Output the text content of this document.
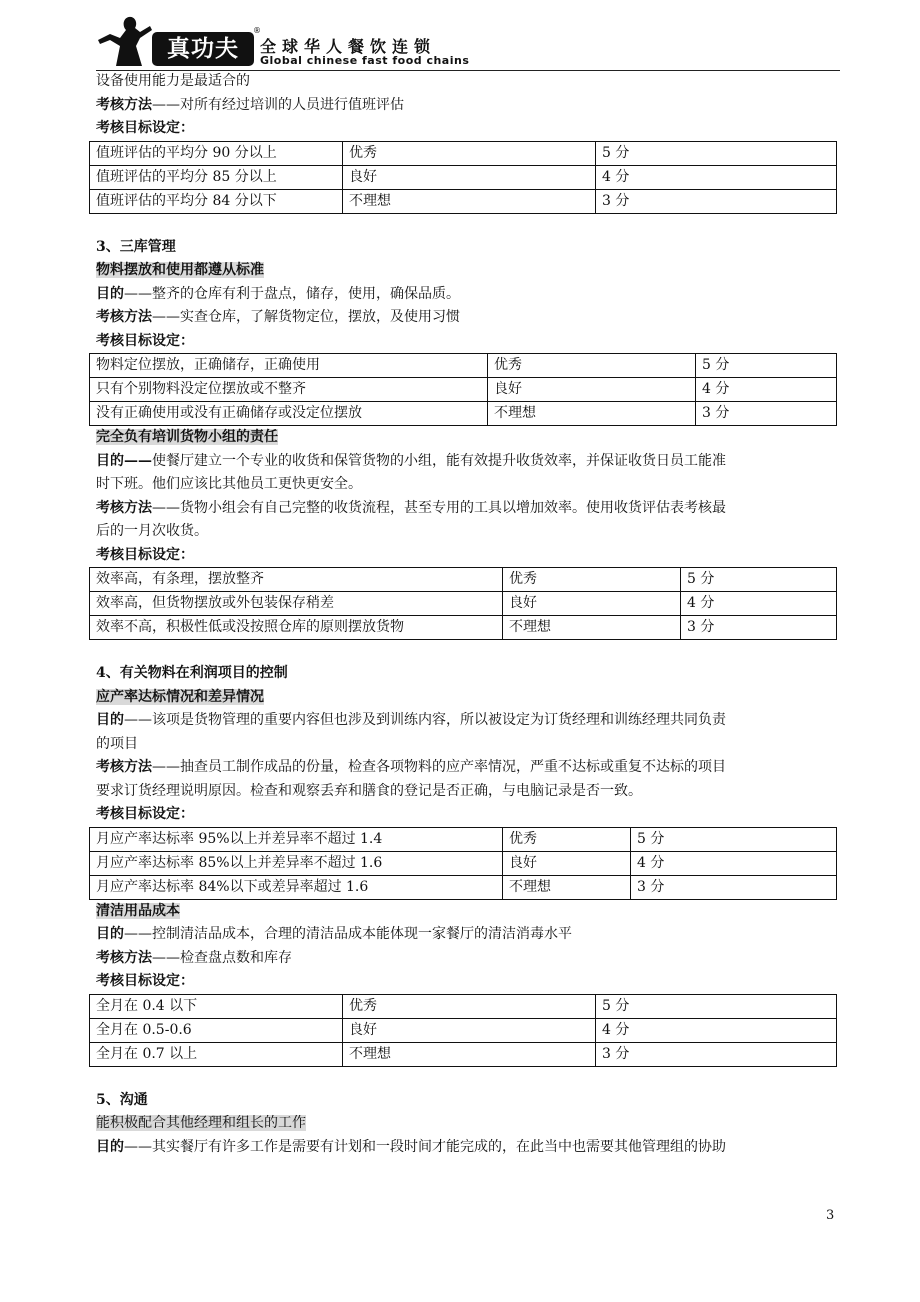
真功夫
®
全球华人餐饮连锁
Global chinese fast food chains

设备使用能力是最适合的

考核方法——对所有经过培训的人员进行值班评估

考核目标设定：

值班评估的平均分 90 分以上	优秀	5 分
值班评估的平均分 85 分以上	良好	4 分
值班评估的平均分 84 分以下	不理想	3 分
3、三库管理
物料摆放和使用都遵从标准

目的——整齐的仓库有利于盘点，储存，使用，确保品质。

考核方法——实查仓库，了解货物定位，摆放，及使用习惯

考核目标设定：

物料定位摆放，正确储存，正确使用	优秀	5 分
只有个别物料没定位摆放或不整齐	良好	4 分
没有正确使用或没有正确储存或没定位摆放	不理想	3 分
完全负有培训货物小组的责任

目的——使餐厅建立一个专业的收货和保管货物的小组，能有效提升收货效率，并保证收货日员工能准

时下班。他们应该比其他员工更快更安全。

考核方法——货物小组会有自己完整的收货流程，甚至专用的工具以增加效率。使用收货评估表考核最

后的一月次收货。

考核目标设定：

效率高，有条理，摆放整齐	优秀	5 分
效率高，但货物摆放或外包装保存稍差	良好	4 分
效率不高，积极性低或没按照仓库的原则摆放货物	不理想	3 分
4、有关物料在利润项目的控制
应产率达标情况和差异情况

目的——该项是货物管理的重要内容但也涉及到训练内容，所以被设定为订货经理和训练经理共同负责

的项目

考核方法——抽查员工制作成品的份量，检查各项物料的应产率情况，严重不达标或重复不达标的项目

要求订货经理说明原因。检查和观察丢弃和膳食的登记是否正确，与电脑记录是否一致。

考核目标设定：

月应产率达标率 95%以上并差异率不超过 1.4	优秀	5 分
月应产率达标率 85%以上并差异率不超过 1.6	良好	4 分
月应产率达标率 84%以下或差异率超过 1.6	不理想	3 分
清洁用品成本

目的——控制清洁品成本，合理的清洁品成本能体现一家餐厅的清洁消毒水平

考核方法——检查盘点数和库存

考核目标设定：

全月在 0.4 以下	优秀	5 分
全月在 0.5-0.6	良好	4 分
全月在 0.7 以上	不理想	3 分
5、沟通
能积极配合其他经理和组长的工作

目的——其实餐厅有许多工作是需要有计划和一段时间才能完成的，在此当中也需要其他管理组的协助

3
